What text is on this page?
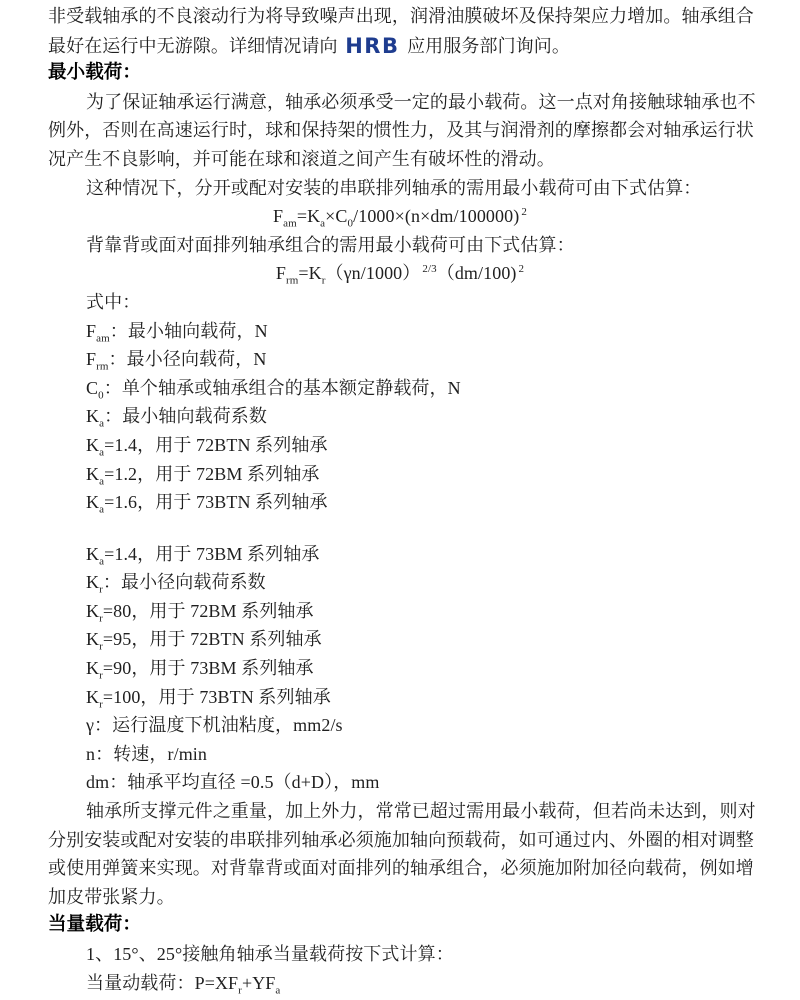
非受载轴承的不良滚动行为将导致噪声出现，润滑油膜破坏及保持架应力增加。轴承组合
最好在运行中无游隙。详细情况请向 HRB 应用服务部门询问。
最小载荷：
为了保证轴承运行满意，轴承必须承受一定的最小载荷。这一点对角接触球轴承也不
例外，否则在高速运行时，球和保持架的惯性力，及其与润滑剂的摩擦都会对轴承运行状
况产生不良影响，并可能在球和滚道之间产生有破坏性的滑动。
这种情况下，分开或配对安装的串联排列轴承的需用最小载荷可由下式估算：
$F_{am}=K_a\times C_0/1000\times(n\times dm/100000)$ $^2$
背靠背或面对面排列轴承组合的需用最小载荷可由下式估算：
$F_{rm}=K_r(\gamma n/1000)$ $^{2/3}$（dm/100) $^2$
式中：
$F_{am}$：最小轴向载荷，N
$F_{rm}$：最小径向载荷，N
$C_0$：单个轴承或轴承组合的基本额定静载荷，N
$K_a$：最小轴向载荷系数
$K_a=1.4$，用于 72BTN 系列轴承
$K_a=1.2$，用于 72BM 系列轴承
$K_a=1.6$，用于 73BTN 系列轴承
$K_a=1.4$，用于 73BM 系列轴承
$K_r$：最小径向载荷系数
$K_r=80$，用于 72BM 系列轴承
$K_r=95$，用于 72BTN 系列轴承
$K_r=90$，用于 73BM 系列轴承
$K_r=100$，用于 73BTN 系列轴承
γ：运行温度下机油粘度，mm2/s
n：转速，r/min
dm：轴承平均直径 =0.5（d+D），mm
轴承所支撑元件之重量，加上外力，常常已超过需用最小载荷，但若尚未达到，则对
分别安装或配对安装的串联排列轴承必须施加轴向预载荷，如可通过内、外圈的相对调整
或使用弹簧来实现。对背靠背或面对面排列的轴承组合，必须施加附加径向载荷，例如增
加皮带张紧力。
当量载荷：
1、15°、25°接触角轴承当量载荷按下式计算：
当量动载荷：$P=XF_r+YF_a$
